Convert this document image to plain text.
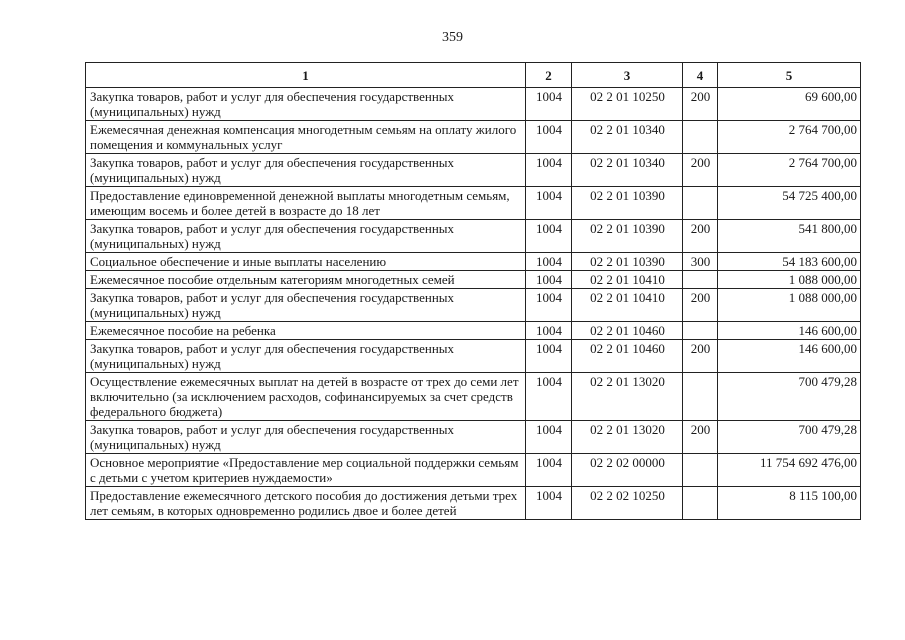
359
1	2	3	4	5
Закупка товаров, работ и услуг для обеспечения государственных (муниципальных) нужд	1004	02 2 01 10250	200	69 600,00
Ежемесячная денежная компенсация многодетным семьям на оплату жилого помещения и коммунальных услуг	1004	02 2 01 10340		2 764 700,00
Закупка товаров, работ и услуг для обеспечения государственных (муниципальных) нужд	1004	02 2 01 10340	200	2 764 700,00
Предоставление единовременной денежной выплаты многодетным семьям, имеющим восемь и более детей в возрасте до 18 лет	1004	02 2 01 10390		54 725 400,00
Закупка товаров, работ и услуг для обеспечения государственных (муниципальных) нужд	1004	02 2 01 10390	200	541 800,00
Социальное обеспечение и иные выплаты населению	1004	02 2 01 10390	300	54 183 600,00
Ежемесячное пособие отдельным категориям многодетных семей	1004	02 2 01 10410		1 088 000,00
Закупка товаров, работ и услуг для обеспечения государственных (муниципальных) нужд	1004	02 2 01 10410	200	1 088 000,00
Ежемесячное пособие на ребенка	1004	02 2 01 10460		146 600,00
Закупка товаров, работ и услуг для обеспечения государственных (муниципальных) нужд	1004	02 2 01 10460	200	146 600,00
Осуществление ежемесячных выплат на детей в возрасте от трех до семи лет включительно (за исключением расходов, софинансируемых за счет средств федерального бюджета)	1004	02 2 01 13020		700 479,28
Закупка товаров, работ и услуг для обеспечения государственных (муниципальных) нужд	1004	02 2 01 13020	200	700 479,28
Основное мероприятие «Предоставление мер социальной поддержки семьям с детьми с учетом критериев нуждаемости»	1004	02 2 02 00000		11 754 692 476,00
Предоставление ежемесячного детского пособия до достижения детьми трех лет семьям, в которых одновременно родились двое и более детей	1004	02 2 02 10250		8 115 100,00
